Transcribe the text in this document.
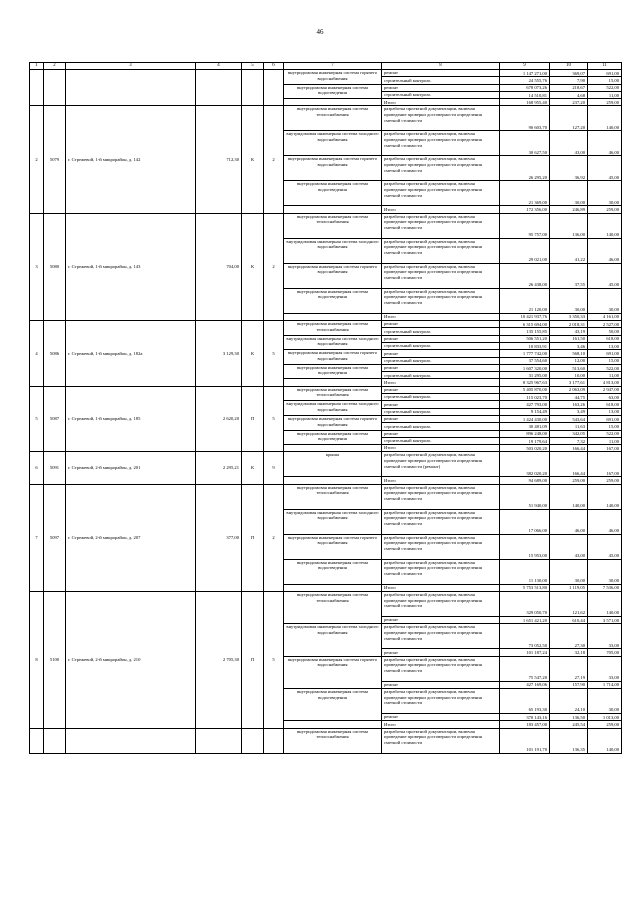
46
1	2	3	4	5	6	7	8	9	10	11
						внутридомовая инженерная система горячего водоснабжения	ремонт	1 147 271,00	369,07	691,00
							строительный контроль	24 555,76	7,90	15,00
						внутридомовая инженерная система водоотведения	ремонт	678 073,26	218,67	522,00
							строительный контроль	14 510,81	4,68	11,00
							Итого	168 955,40	237,20	259,00
2	5079	г. Стрежевой, 1-й микрорайон, д. 142	712,30	К	2	внутридомовая инженерная система теплоснабжения	разработка проектной документации, включая проведение проверки достоверности определения сметной стоимости	90 603,70	127,20	140,00
						внутридомовая инженерная система холодного водоснабжения	разработка проектной документации, включая проведение проверки достоверности определения сметной стоимости	30 627,50	43,00	46,00
						внутридомовая инженерная система горячего водоснабжения	разработка проектной документации, включая проведение проверки достоверности определения сметной стоимости	26 295,20	36,92	45,00
						внутридомовая инженерная система водоотведения	разработка проектной документации, включая проведение проверки достоверности определения сметной стоимости	21 369,00	30,00	30,00
							Итого	172 356,00	246,89	259,00
3	5080	г. Стрежевой, 1-й микрорайон, д. 143	704,00	К	2	внутридомовая инженерная система теплоснабжения	разработка проектной документации, включая проведение проверки достоверности определения сметной стоимости	95 757,00	136,00	140,00
						внутридомовая инженерная система холодного водоснабжения	разработка проектной документации, включая проведение проверки достоверности определения сметной стоимости	29 021,00	41,22	46,00
						внутридомовая инженерная система горячего водоснабжения	разработка проектной документации, включая проведение проверки достоверности определения сметной стоимости	26 438,00	37,55	45,00
						внутридомовая инженерная система водоотведения	разработка проектной документации, включая проведение проверки достоверности определения сметной стоимости	21 120,00	30,00	30,00
							Итого	10 421 937,76	3 350,33	4 161,00
4	5086	г. Стрежевой, 1-й микрорайон, д. 182а	3 129,30	К	5	внутридомовая инженерная система теплоснабжения	ремонт	6 315 694,00	2 018,31	2 527,00
							строительный контроль	135 155,85	43,19	50,00
						внутридомовая инженерная система холодного водоснабжения	ремонт	506 551,20	161,50	618,00
							строительный контроль	10 833,91	3,46	13,00
						внутридомовая инженерная система горячего водоснабжения	ремонт	1 777 742,00	568,10	691,00
							строительный контроль	37 554,60	12,00	15,00
						внутридомовая инженерная система водоотведения	ремонт	1 607 320,00	513,60	522,00
							строительный контроль	31 295,00	10,00	11,00
							Итого	8 325 967,63	3 177,61	4 813,00
5	5087	г. Стрежевой, 1-й микрорайон, д. 185	2 620,20	П	5	внутридомовая инженерная система теплоснабжения	ремонт	5 405 870,00	2 063,09	2 947,00
							строительный контроль	115 023,70	44,75	63,00
						внутридомовая инженерная система холодного водоснабжения	ремонт	427 793,00	163,26	618,00
							строительный контроль	9 154,49	3,49	13,00
						внутридомовая инженерная система горячего водоснабжения	ремонт	1 424 430,00	543,64	691,00
							строительный контроль	30 481,09	11,63	15,00
						внутридомовая инженерная система водоотведения	ремонт	896 248,00	342,05	522,00
							строительный контроль	19 179,64	7,32	11,00
							Итого	503 020,20	166,44	167,00
6	5091	г. Стрежевой, 2-й микрорайон, д. 201	2 295,21	К	9	крыша	разработка проектной документации, включая проведение проверки достоверности определения сметной стоимости (ремонт)	382 020,20	166,44	167,00
							Итого	94 689,00	259,00	259,00
7	5097	г. Стрежевой, 2-й микрорайон, д. 207	377,00	П	2	внутридомовая инженерная система теплоснабжения	разработка проектной документации, включая проведение проверки достоверности определения сметной стоимости	51 940,00	140,00	140,00
						внутридомовая инженерная система холодного водоснабжения	разработка проектной документации, включая проведение проверки достоверности определения сметной стоимости	17 066,00	46,00	46,00
						внутридомовая инженерная система горячего водоснабжения	разработка проектной документации, включая проведение проверки достоверности определения сметной стоимости	15 953,00	43,00	45,00
						внутридомовая инженерная система водоотведения	разработка проектной документации, включая проведение проверки достоверности определения сметной стоимости	11 130,00	30,00	30,00
							Итого	5 753 513,80	1 119,05	7 536,00
8	5100	г. Стрежевой, 2-й микрорайон, д. 210	2 705,30	П	5	внутридомовая инженерная система теплоснабжения	разработка проектной документации, включая проведение проверки достоверности определения сметной стоимости	329 050,70	121,62	140,00
							ремонт	1 651 421,20	610,44	3 571,00
						внутридомовая инженерная система холодного водоснабжения	разработка проектной документации, включая проведение проверки достоверности определения сметной стоимости	73 052,50	27,30	33,00
							ремонт	101 187,24	32,18	705,00
						внутридомовая инженерная система горячего водоснабжения	разработка проектной документации, включая проведение проверки достоверности определения сметной стоимости	75 547,20	27,19	33,00
							ремонт	427 169,06	157,90	1 714,00
						внутридомовая инженерная система водоотведения	разработка проектной документации, включая проведение проверки достоверности определения сметной стоимости	65 193,30	24,10	30,00
							ремонт	370 143,16	136,50	1 013,00
							Итого	183 457,00	245,54	259,00
						внутридомовая инженерная система теплоснабжения	разработка проектной документации, включая проведение проверки достоверности определения сметной стоимости	101 191,70	136,35	140,00
